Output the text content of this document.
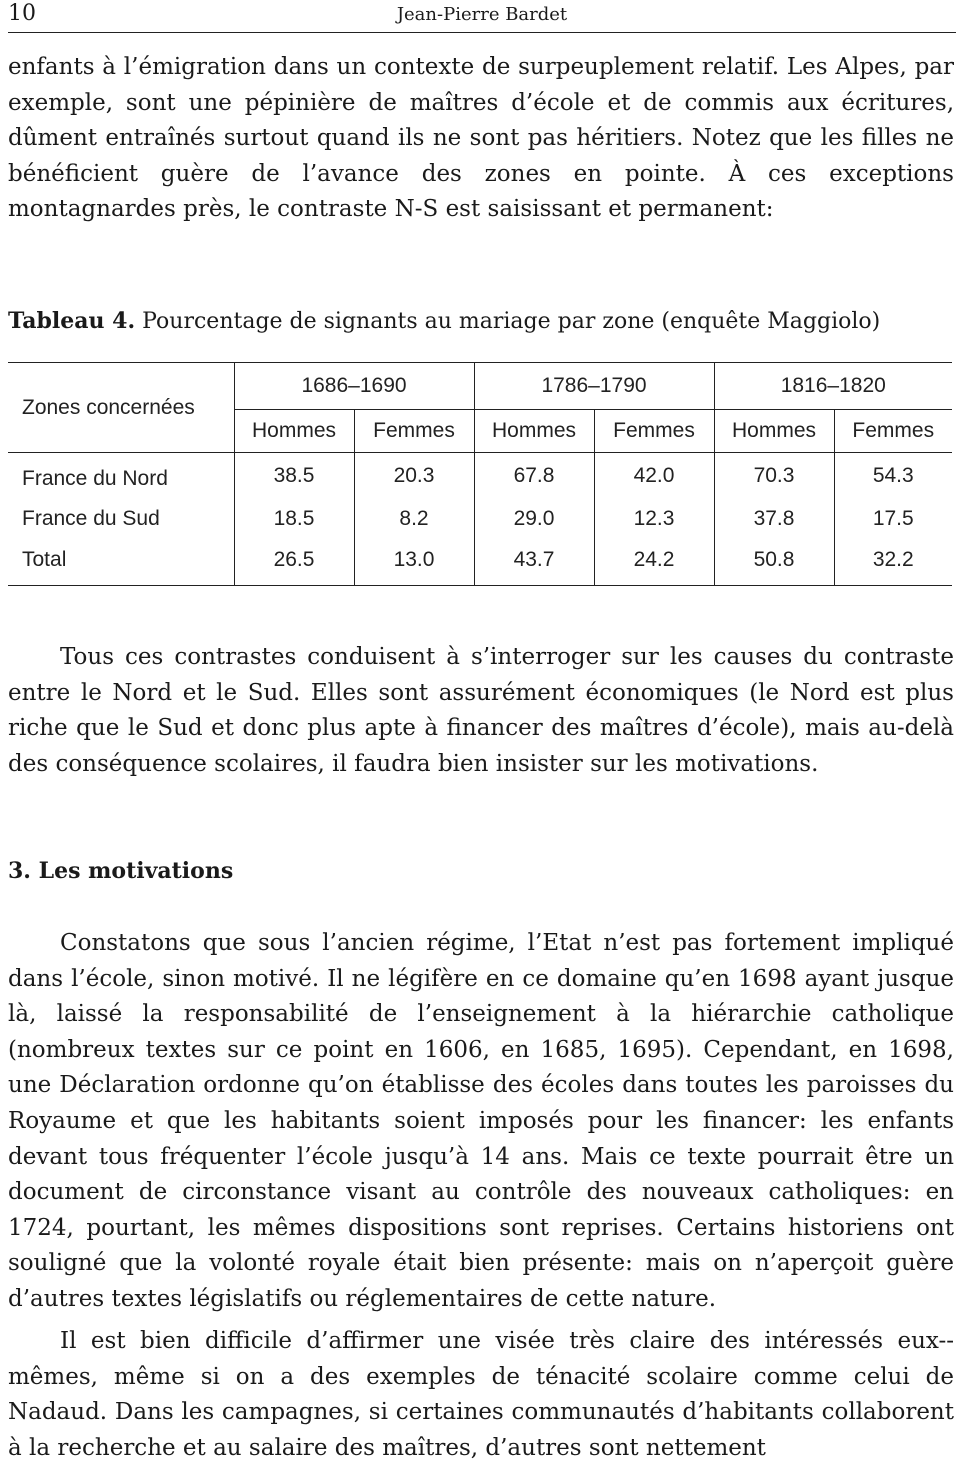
10	Jean-Pierre Bardet

enfants à l’émigration dans un contexte de surpeuplement relatif. Les Alpes, par exemple, sont une pépinière de maîtres d’école et de commis aux écritures, dûment entraînés surtout quand ils ne sont pas héritiers. Notez que les filles ne bénéficient guère de l’avance des zones en pointe. À ces exceptions montagnardes près, le contraste N-S est saisissant et permanent:

Tableau 4. Pourcentage de signants au mariage par zone (enquête Maggiolo)
Zones concernées	1686–1690		1786–1790		1816–1820	
	Hommes	Femmes	Hommes	Femmes	Hommes	Femmes
France du Nord	38.5	20.3	67.8	42.0	70.3	54.3
France du Sud	18.5	8.2	29.0	12.3	37.8	17.5
Total	26.5	13.0	43.7	24.2	50.8	32.2

Tous ces contrastes conduisent à s’interroger sur les causes du contraste entre le Nord et le Sud. Elles sont assurément économiques (le Nord est plus riche que le Sud et donc plus apte à financer des maîtres d’école), mais au-delà des conséquence scolaires, il faudra bien insister sur les motivations.

3. Les motivations

Constatons que sous l’ancien régime, l’Etat n’est pas fortement impliqué dans l’école, sinon motivé. Il ne légifère en ce domaine qu’en 1698 ayant jusque là, laissé la responsabilité de l’enseignement à la hiérarchie catholique (nombreux textes sur ce point en 1606, en 1685, 1695). Cependant, en 1698, une Déclaration ordonne qu’on établisse des écoles dans toutes les paroisses du Royaume et que les habitants soient imposés pour les financer: les enfants devant tous fréquenter l’école jusqu’à 14 ans. Mais ce texte pourrait être un document de circonstance visant au contrôle des nouveaux catholiques: en 1724, pourtant, les mêmes dispositions sont reprises. Certains historiens ont souligné que la volonté royale était bien présente: mais on n’aperçoit guère d’autres textes législatifs ou réglementaires de cette nature.

Il est bien difficile d’affirmer une visée très claire des intéressés eux--mêmes, même si on a des exemples de ténacité scolaire comme celui de Nadaud. Dans les campagnes, si certaines communautés d’habitants collaborent à la recherche et au salaire des maîtres, d’autres sont nettement
